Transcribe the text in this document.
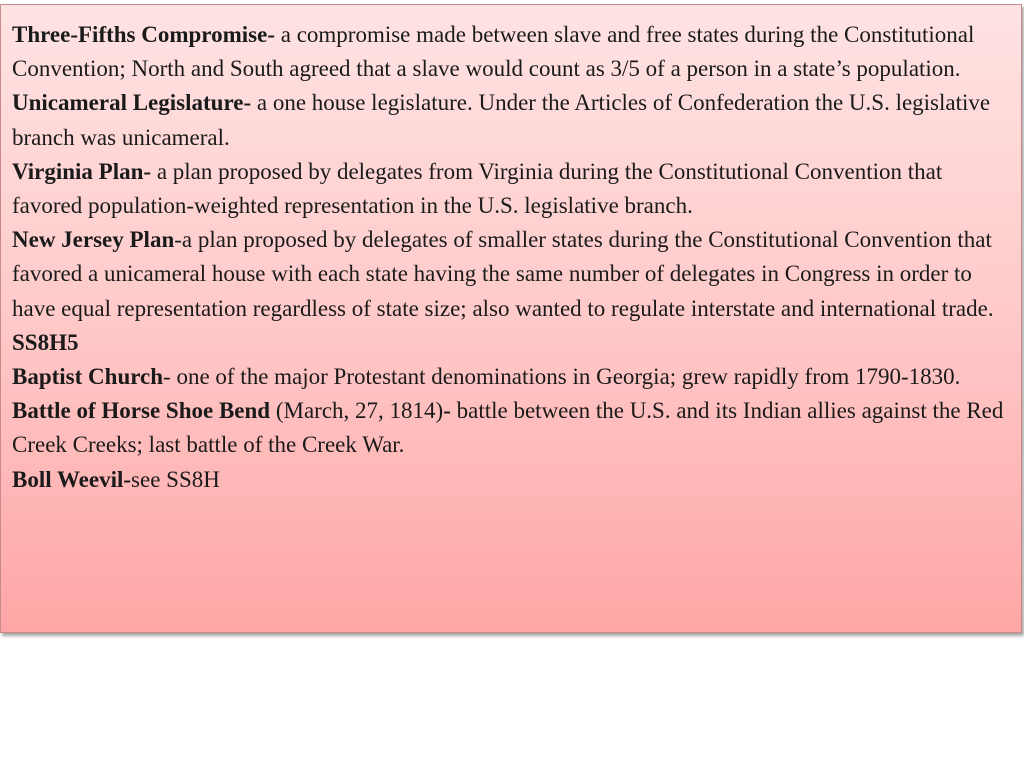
Three-Fifths Compromise- a compromise made between slave and free states during the Constitutional Convention; North and South agreed that a slave would count as 3/5 of a person in a state’s population.

Unicameral Legislature- a one house legislature. Under the Articles of Confederation the U.S. legislative branch was unicameral.

Virginia Plan- a plan proposed by delegates from Virginia during the Constitutional Convention that favored population-weighted representation in the U.S. legislative branch.

New Jersey Plan-a plan proposed by delegates of smaller states during the Constitutional Convention that favored a unicameral house with each state having the same number of delegates in Congress in order to have equal representation regardless of state size; also wanted to regulate interstate and international trade.

SS8H5

Baptist Church- one of the major Protestant denominations in Georgia; grew rapidly from 1790-1830.

Battle of Horse Shoe Bend (March, 27, 1814)- battle between the U.S. and its Indian allies against the Red Creek Creeks; last battle of the Creek War.

Boll Weevil-see SS8H
